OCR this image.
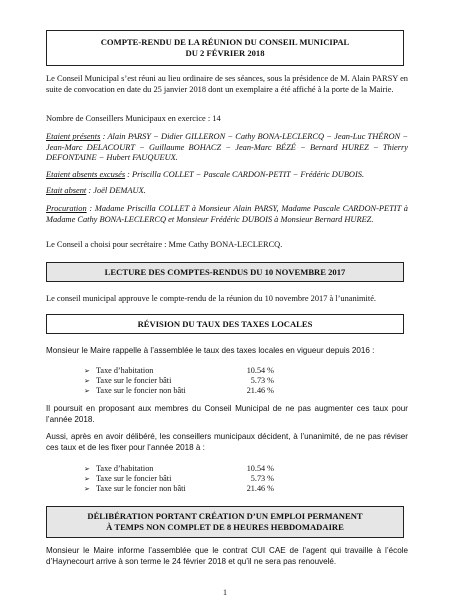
COMPTE-RENDU DE LA RÉUNION DU CONSEIL MUNICIPAL
DU 2 FÉVRIER 2018
Le Conseil Municipal s’est réuni au lieu ordinaire de ses séances, sous la présidence de M. Alain PARSY en suite de convocation en date du 25 janvier 2018 dont un exemplaire a été affiché à la porte de la Mairie.
Nombre de Conseillers Municipaux en exercice : 14
Etaient présents : Alain PARSY − Didier GILLERON − Cathy BONA-LECLERCQ − Jean-Luc THÉRON − Jean-Marc DELACOURT − Guillaume BOHACZ − Jean-Marc BÉZÉ − Bernard HUREZ − Thierry DEFONTAINE − Hubert FAUQUEUX.
Etaient absents excusés : Priscilla COLLET − Pascale CARDON-PETIT − Frédéric DUBOIS.
Etait absent : Joël DEMAUX.
Procuration : Madame Priscilla COLLET à Monsieur Alain PARSY, Madame Pascale CARDON-PETIT à Madame Cathy BONA-LECLERCQ et Monsieur Frédéric DUBOIS à Monsieur Bernard HUREZ.
Le Conseil a choisi pour secrétaire : Mme Cathy BONA-LECLERCQ.
LECTURE DES COMPTES-RENDUS DU 10 NOVEMBRE 2017
Le conseil municipal approuve le compte-rendu de la réunion du 10 novembre 2017 à l’unanimité.
RÉVISION DU TAUX DES TAXES LOCALES
Monsieur le Maire rappelle à l’assemblée le taux des taxes locales en vigueur depuis 2016 :
➢ Taxe d’habitation	10.54 %
➢ Taxe sur le foncier bâti	5.73 %
➢ Taxe sur le foncier non bâti	21.46 %
Il poursuit en proposant aux membres du Conseil Municipal de ne pas augmenter ces taux pour l’année 2018.
Aussi, après en avoir délibéré, les conseillers municipaux décident, à l’unanimité, de ne pas réviser ces taux et de les fixer pour l’année 2018 à :
➢ Taxe d’habitation	10.54 %
➢ Taxe sur le foncier bâti	5.73 %
➢ Taxe sur le foncier non bâti	21.46 %
DÉLIBÉRATION PORTANT CRÉATION D’UN EMPLOI PERMANENT
À TEMPS NON COMPLET DE 8 HEURES HEBDOMADAIRE
Monsieur le Maire informe l’assemblée que le contrat CUI CAE de l’agent qui travaille à l’école d’Haynecourt arrive à son terme le 24 février 2018 et qu’il ne sera pas renouvelé.
1
